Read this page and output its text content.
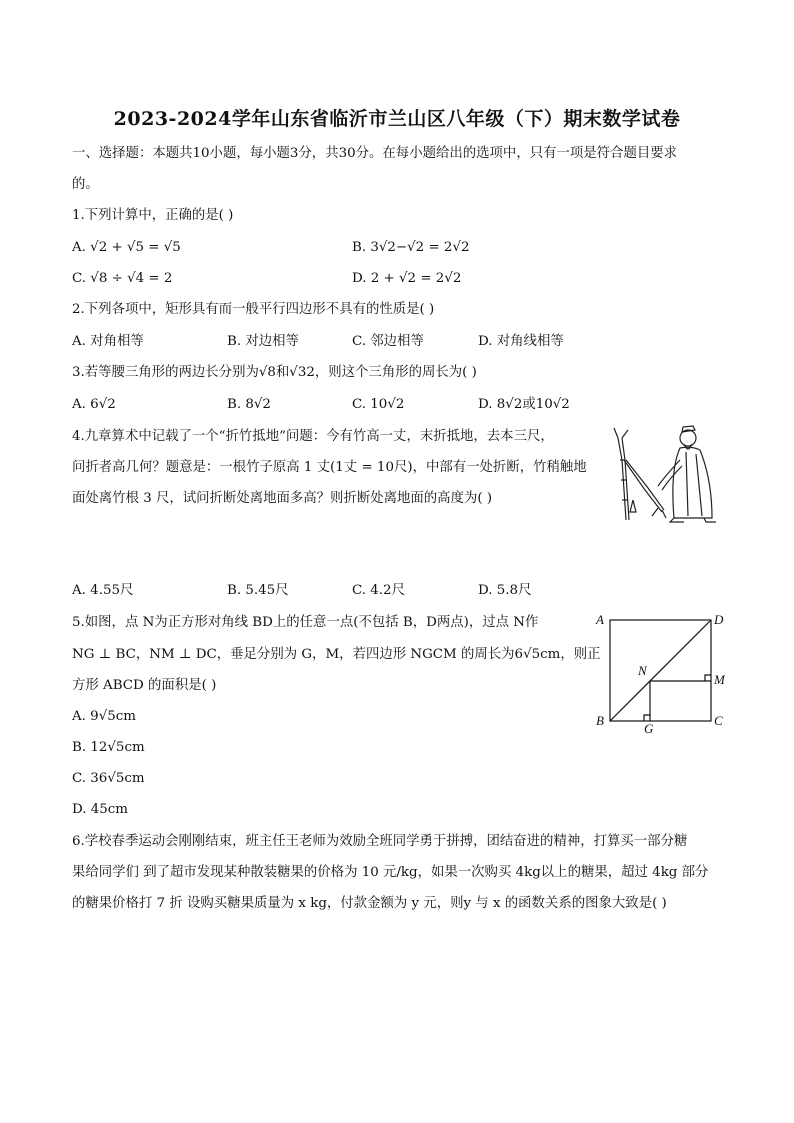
2023-2024学年山东省临沂市兰山区八年级（下）期末数学试卷
一、选择题：本题共10小题，每小题3分，共30分。在每小题给出的选项中，只有一项是符合题目要求
的。
1.下列计算中，正确的是( )
A. √2 + √5 = √5	B. 3√2−√2 = 2√2
C. √8 ÷ √4 = 2	D. 2 + √2 = 2√2
2.下列各项中，矩形具有而一般平行四边形不具有的性质是( )
A. 对角相等	B. 对边相等	C. 邻边相等	D. 对角线相等
3.若等腰三角形的两边长分别为√8和√32，则这个三角形的周长为( )
A. 6√2	B. 8√2	C. 10√2	D. 8√2或10√2
4.九章算术中记载了一个“折竹抵地”问题：今有竹高一丈，末折抵地，去本三尺，
问折者高几何？题意是：一根竹子原高 1 丈(1丈 = 10尺)，中部有一处折断，竹稍触地
面处离竹根 3 尺，试问折断处离地面多高？则折断处离地面的高度为( )
A. 4.55尺	B. 5.45尺	C. 4.2尺	D. 5.8尺
5.如图，点 N为正方形对角线 BD上的任意一点(不包括 B，D两点)，过点 N作
NG ⊥ BC，NM ⊥ DC，垂足分别为 G，M，若四边形 NGCM 的周长为6√5cm，则正
方形 ABCD 的面积是( )
A. 9√5cm
B. 12√5cm
C. 36√5cm
D. 45cm
A
B	C
D
N
M
G
6.学校春季运动会刚刚结束，班主任王老师为效励全班同学勇于拼搏，团结奋进的精神，打算买一部分糖
果给同学们 到了超市发现某种散装糖果的价格为 10 元/kg，如果一次购买 4kg以上的糖果，超过 4kg 部分
的糖果价格打 7 折 设购买糖果质量为 x kg，付款金额为 y 元，则y 与 x 的函数关系的图象大致是( )
